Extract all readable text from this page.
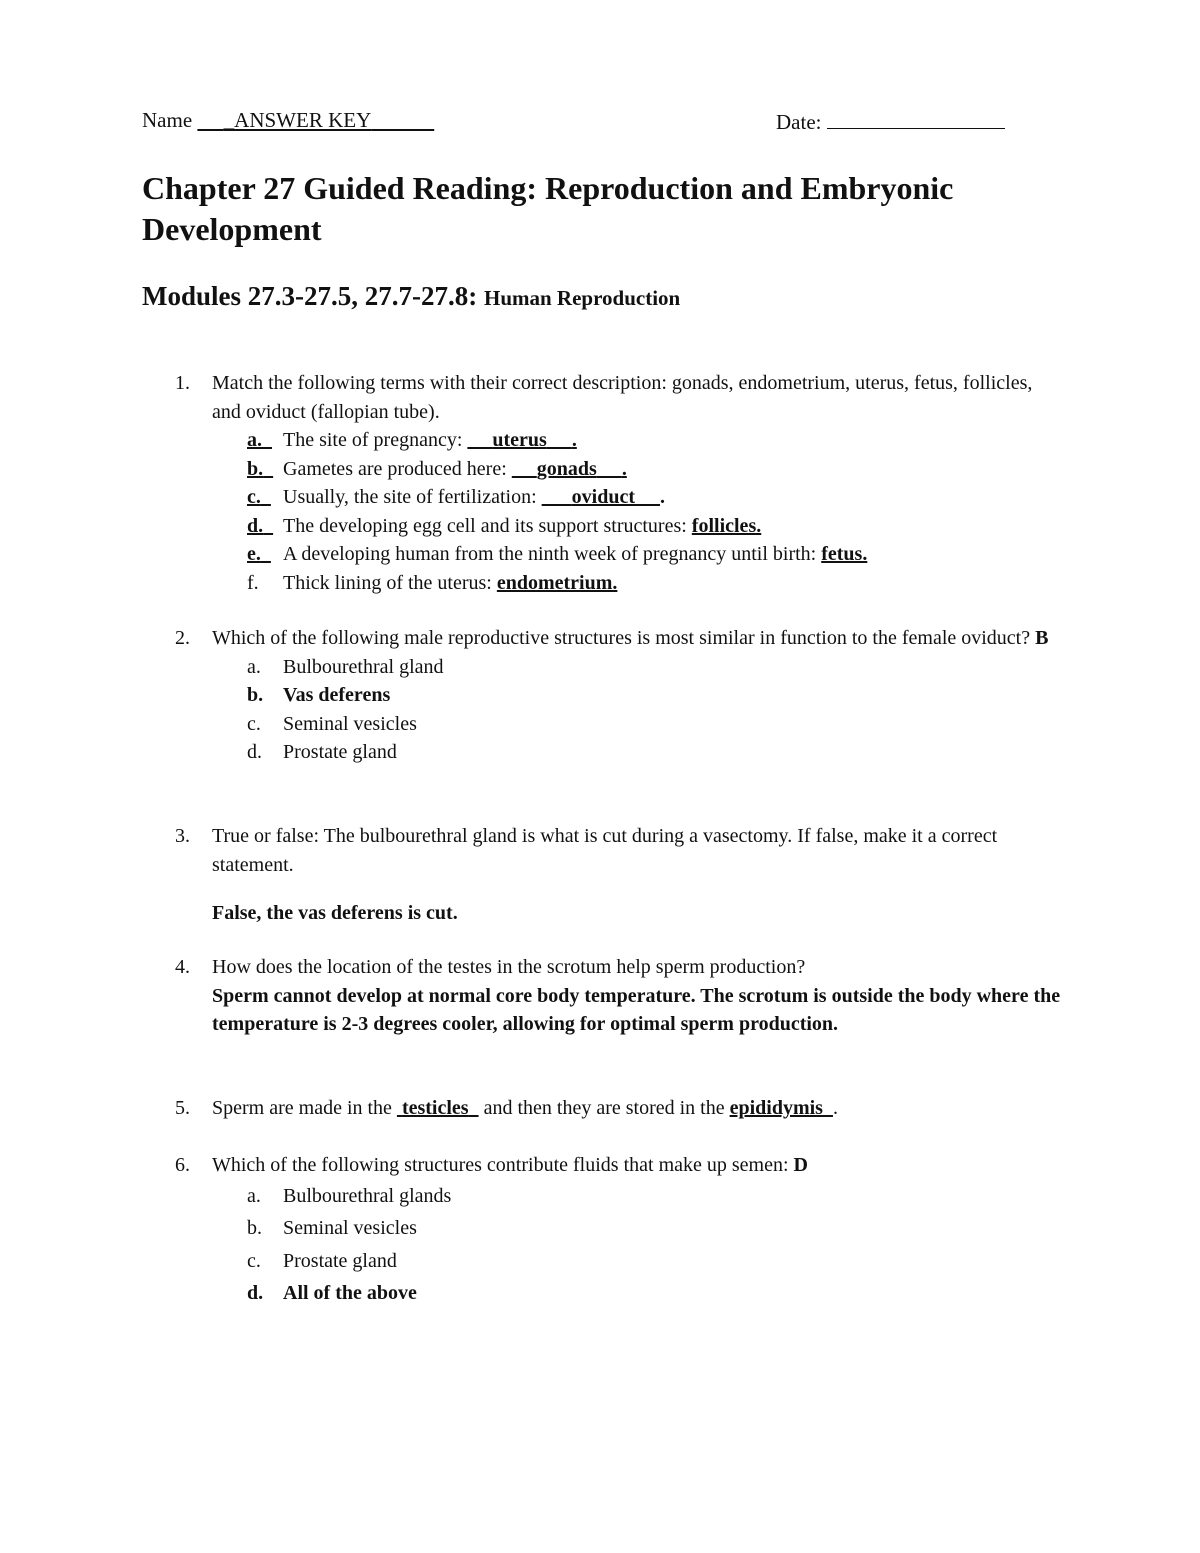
Name _ANSWER KEY	Date:
Chapter 27 Guided Reading: Reproduction and Embryonic Development
Modules 27.3-27.5, 27.7-27.8: Human Reproduction
1. Match the following terms with their correct description: gonads, endometrium, uterus, fetus, follicles, and oviduct (fallopian tube).
a.	The site of pregnancy: uterus .
b. Gametes are produced here: gonads .
c.	Usually, the site of fertilization: oviduct .
d. The developing egg cell and its support structures: follicles.
e.	A developing human from the ninth week of pregnancy until birth: fetus.
f. Thick lining of the uterus: endometrium.
2. Which of the following male reproductive structures is most similar in function to the female oviduct? B
a. Bulbourethral gland
b. Vas deferens
c. Seminal vesicles
d. Prostate gland
3. True or false: The bulbourethral gland is what is cut during a vasectomy. If false, make it a correct statement.
False, the vas deferens is cut.
4. How does the location of the testes in the scrotum help sperm production?
Sperm cannot develop at normal core body temperature. The scrotum is outside the body where the temperature is 2-3 degrees cooler, allowing for optimal sperm production.
5. Sperm are made in the testicles and then they are stored in the epididymis .
6. Which of the following structures contribute fluids that make up semen: D
a. Bulbourethral glands
b. Seminal vesicles
c. Prostate gland
d. All of the above
